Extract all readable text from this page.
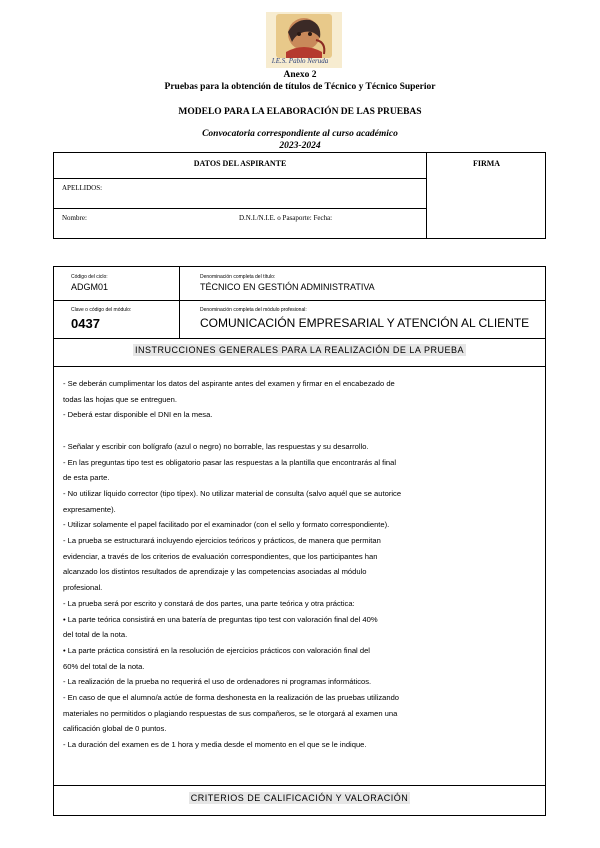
I.E.S. Pablo Neruda
Anexo 2
Pruebas para la obtención de títulos de Técnico y Técnico Superior
MODELO PARA LA ELABORACIÓN DE LAS PRUEBAS
Convocatoria correspondiente al curso académico
2023-2024
DATOS DEL ASPIRANTE	FIRMA
APELLIDOS:
Nombre:	D.N.I./N.I.E. o Pasaporte: Fecha:
Código del ciclo:
ADGM01
Denominación completa del título:
TÉCNICO EN GESTIÓN ADMINISTRATIVA
Clave o código del módulo:
0437
Denominación completa del módulo profesional:
COMUNICACIÓN EMPRESARIAL Y ATENCIÓN AL CLIENTE
INSTRUCCIONES GENERALES PARA LA REALIZACIÓN DE LA PRUEBA
- Se deberán cumplimentar los datos del aspirante antes del examen y firmar en el encabezado de
todas las hojas que se entreguen.
- Deberá estar disponible el DNI en la mesa.
- Señalar y escribir con bolígrafo (azul o negro) no borrable, las respuestas y su desarrollo.
- En las preguntas tipo test es obligatorio pasar las respuestas a la plantilla que encontrarás al final
de esta parte.
- No utilizar líquido corrector (tipo típex). No utilizar material de consulta (salvo aquél que se autorice
expresamente).
- Utilizar solamente el papel facilitado por el examinador (con el sello y formato correspondiente).
- La prueba se estructurará incluyendo ejercicios teóricos y prácticos, de manera que permitan
evidenciar, a través de los criterios de evaluación correspondientes, que los participantes han
alcanzado los distintos resultados de aprendizaje y las competencias asociadas al módulo
profesional.
- La prueba será por escrito y constará de dos partes, una parte teórica y otra práctica:
• La parte teórica consistirá en una batería de preguntas tipo test con valoración final del 40%
del total de la nota.
• La parte práctica consistirá en la resolución de ejercicios prácticos con valoración final del
60% del total de la nota.
- La realización de la prueba no requerirá el uso de ordenadores ni programas informáticos.
- En caso de que el alumno/a actúe de forma deshonesta en la realización de las pruebas utilizando
materiales no permitidos o plagiando respuestas de sus compañeros, se le otorgará al examen una
calificación global de 0 puntos.
- La duración del examen es de 1 hora y media desde el momento en el que se le indique.
CRITERIOS DE CALIFICACIÓN Y VALORACIÓN
